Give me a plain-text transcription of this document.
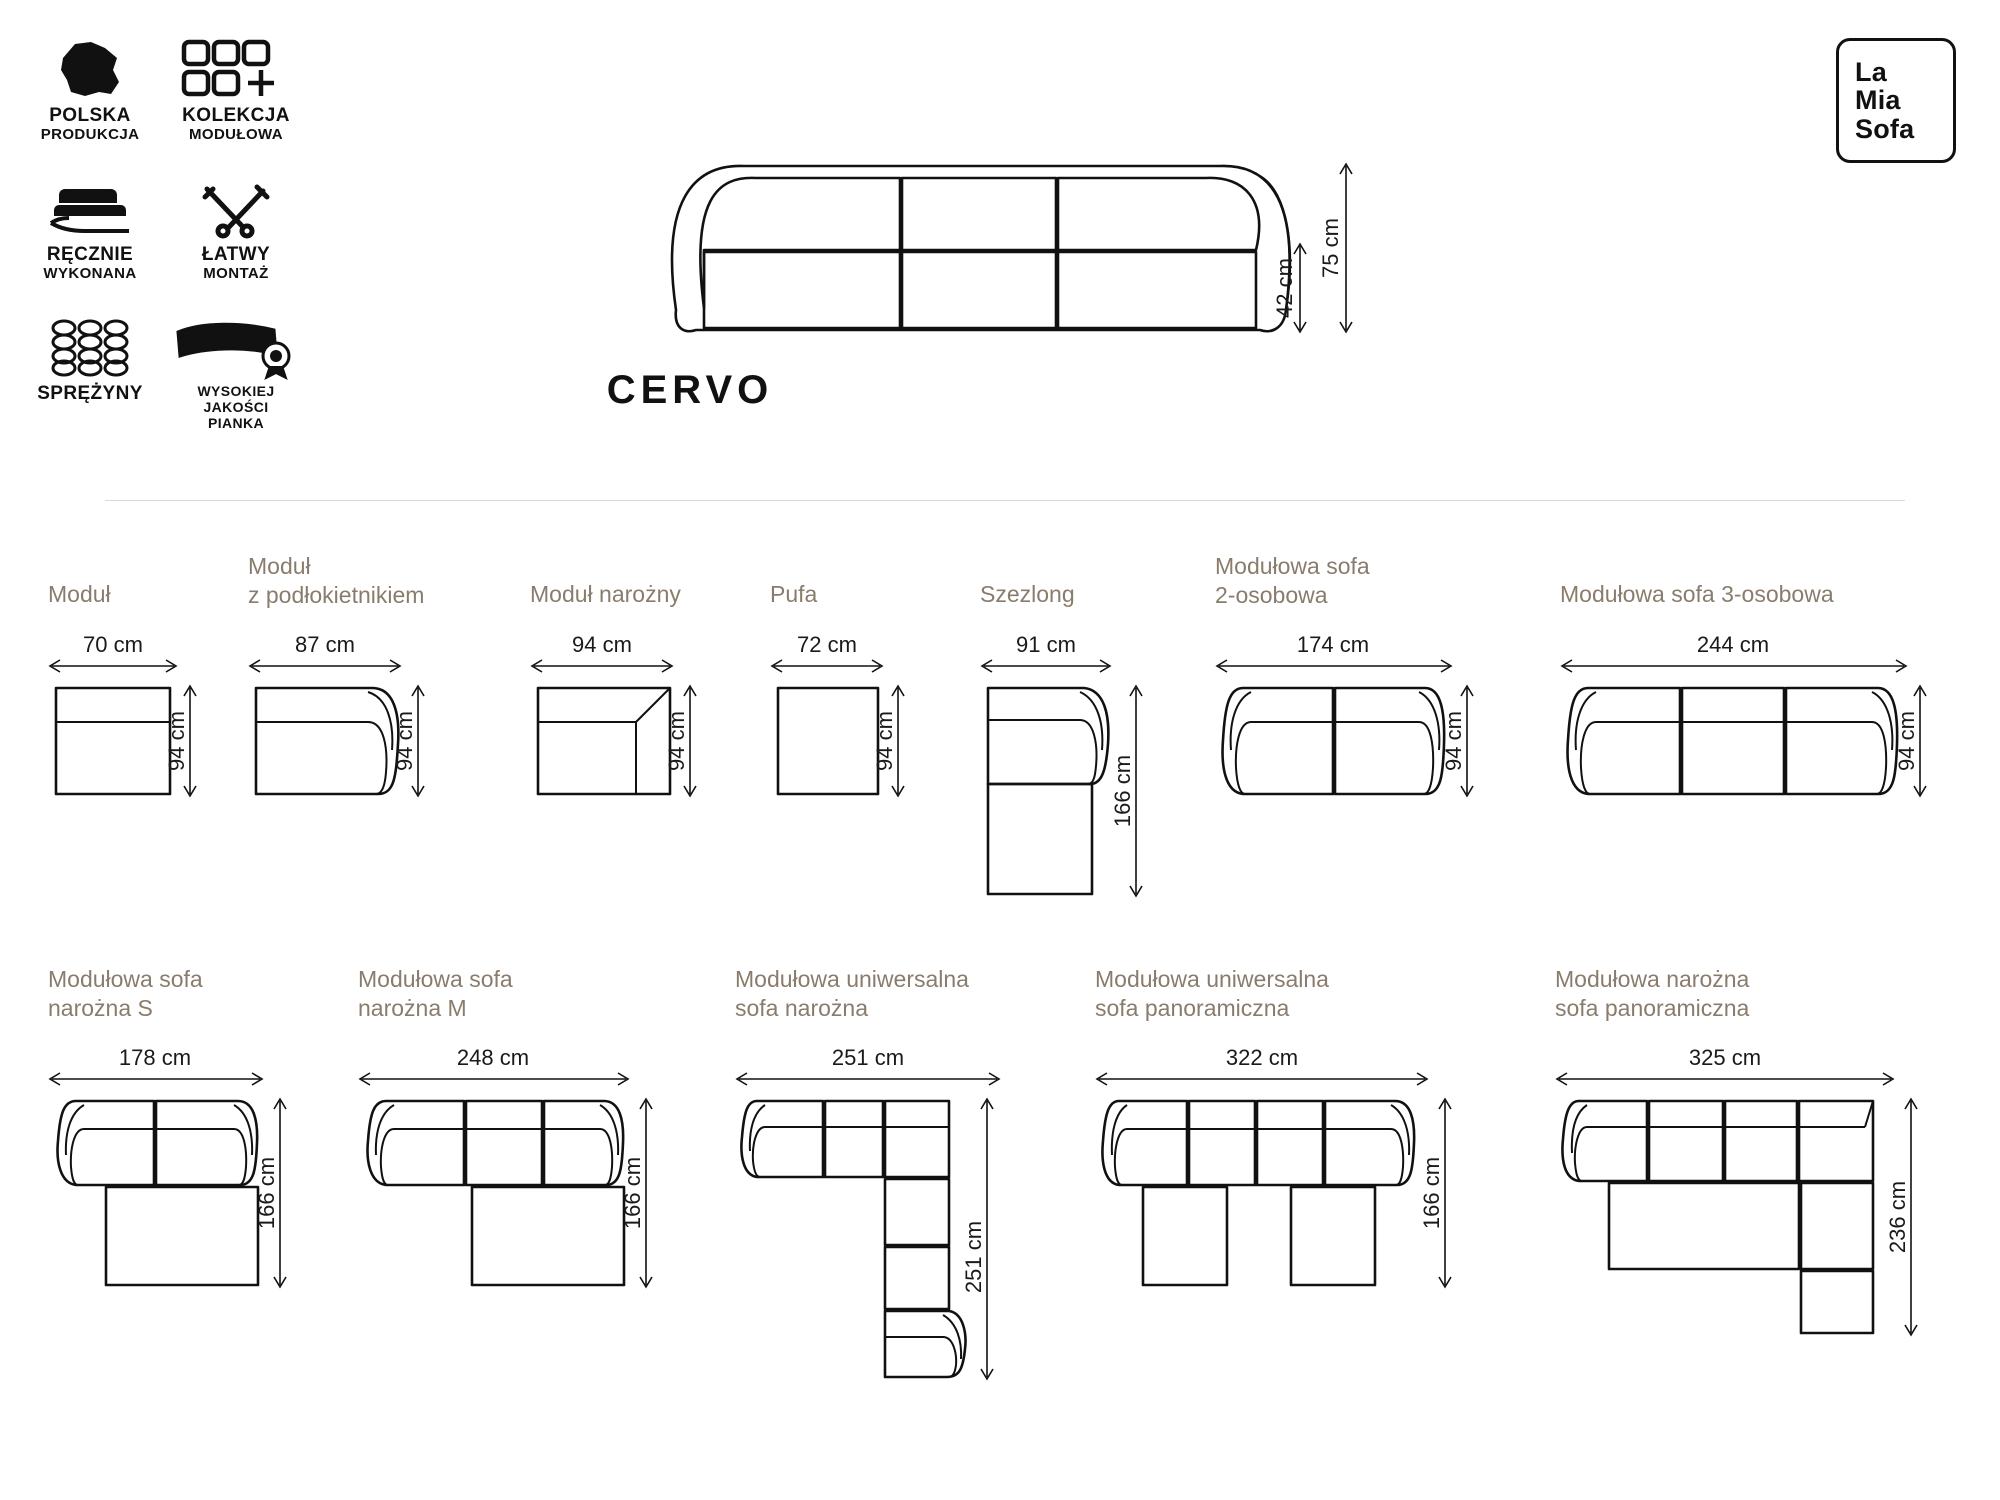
POLSKA
PRODUKCJA
KOLEKCJA
MODUŁOWA
RĘCZNIE
WYKONANA
ŁATWY
MONTAŻ
SPRĘŻYNY	WYSOKIEJ
JAKOŚCI PIANKA
La
Mia
Sofa
75 cm
42 cm
CERVO
Moduł
70 cm
94 cm
Moduł
z podłokietnikiem
87 cm
94 cm
Moduł narożny
94 cm
94 cm
Pufa
72 cm
94 cm
Szezlong
91 cm
166 cm
Modułowa sofa
2-osobowa
174 cm
94 cm
Modułowa sofa 3-osobowa
244 cm
94 cm
Modułowa sofa
narożna S
178 cm
166 cm
Modułowa sofa
narożna M
248 cm
166 cm
Modułowa uniwersalna
sofa narożna
251 cm
251 cm
Modułowa uniwersalna
sofa panoramiczna
322 cm
166 cm
Modułowa narożna
sofa panoramiczna
325 cm
236 cm
